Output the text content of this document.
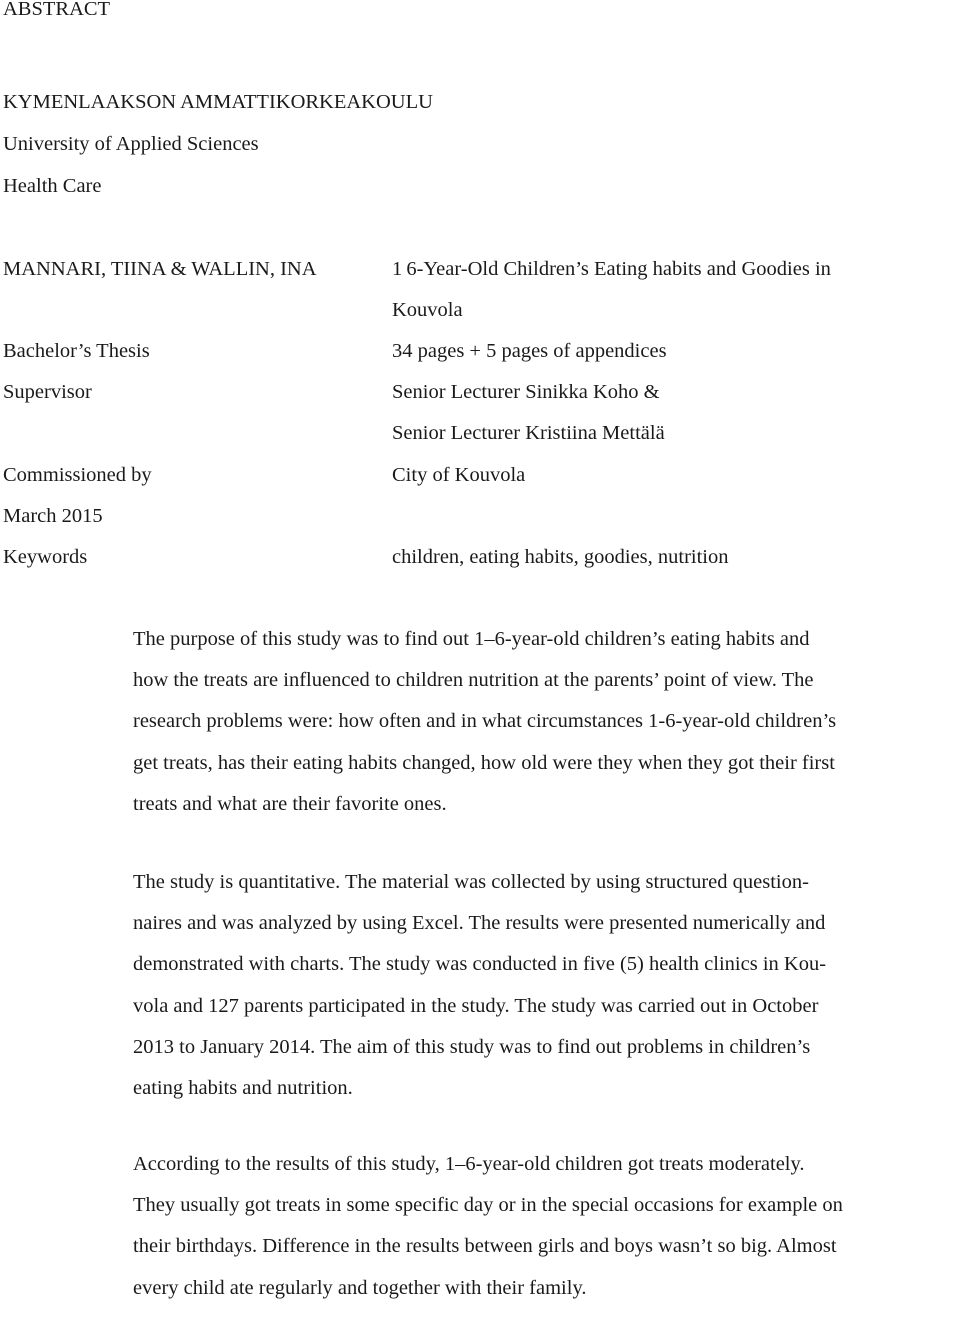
ABSTRACT
KYMENLAAKSON AMMATTIKORKEAKOULU
University of Applied Sciences
Health Care
MANNARI, TIINA & WALLIN, INA	1 6-Year-Old Children’s Eating habits and Goodies in
Kouvola
Bachelor’s Thesis	34 pages + 5 pages of appendices
Supervisor	Senior Lecturer Sinikka Koho &
Senior Lecturer Kristiina Mettälä
Commissioned by	City of Kouvola
March 2015
Keywords	children, eating habits, goodies, nutrition
The purpose of this study was to find out 1–6-year-old children’s eating habits and
how the treats are influenced to children nutrition at the parents’ point of view. The
research problems were: how often and in what circumstances 1-6-year-old children’s
get treats, has their eating habits changed, how old were they when they got their first
treats and what are their favorite ones.
The study is quantitative. The material was collected by using structured question-
naires and was analyzed by using Excel. The results were presented numerically and
demonstrated with charts. The study was conducted in five (5) health clinics in Kou-
vola and 127 parents participated in the study. The study was carried out in October
2013 to January 2014. The aim of this study was to find out problems in children’s
eating habits and nutrition.
According to the results of this study, 1–6-year-old children got treats moderately.
They usually got treats in some specific day or in the special occasions for example on
their birthdays. Difference in the results between girls and boys wasn’t so big. Almost
every child ate regularly and together with their family.
